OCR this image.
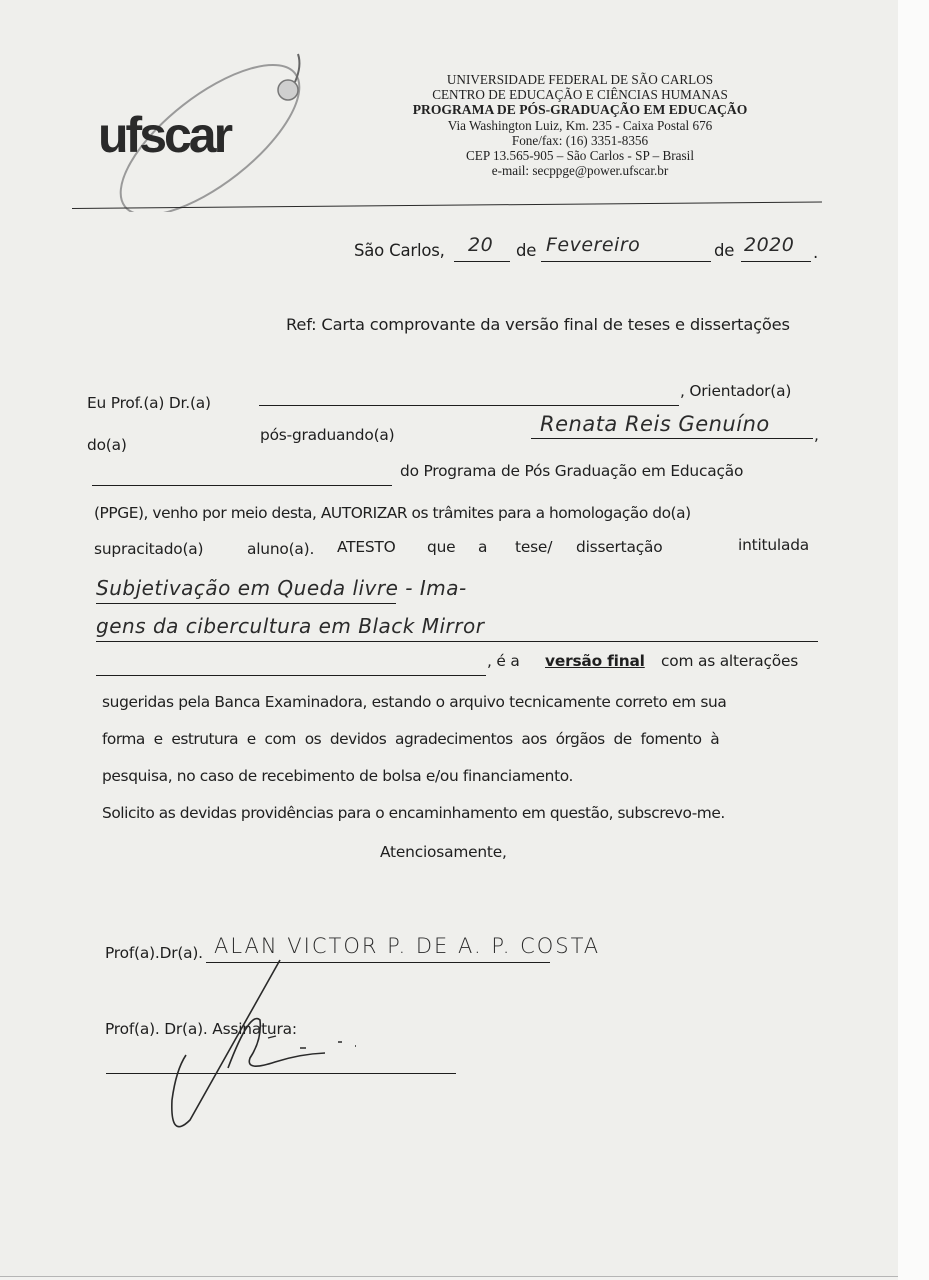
ufscar
UNIVERSIDADE FEDERAL DE SÃO CARLOS
CENTRO DE EDUCAÇÃO E CIÊNCIAS HUMANAS
PROGRAMA DE PÓS-GRADUAÇÃO EM EDUCAÇÃO
Via Washington Luiz, Km. 235 - Caixa Postal 676
Fone/fax: (16) 3351-8356
CEP 13.565-905 – São Carlos - SP – Brasil
e-mail: secppge@power.ufscar.br
São Carlos, 20 de Fevereiro	de 2020 .
Ref: Carta comprovante da versão final de teses e dissertações
Eu Prof.(a) Dr.(a)
, Orientador(a)
do(a)
pós-graduando(a)	Renata Reis Genuíno	,
do Programa de Pós Graduação em Educação
(PPGE), venho por meio desta, AUTORIZAR os trâmites para a homologação do(a)
supracitado(a)	aluno(a). ATESTO que a tese/ dissertação	intitulada
Subjetivação em Queda livre - Ima-
gens da cibercultura em Black Mirror
, é a versão final com as alterações
sugeridas pela Banca Examinadora, estando o arquivo tecnicamente correto em sua
forma  e  estrutura  e  com  os  devidos  agradecimentos  aos  órgãos  de  fomento  à
pesquisa, no caso de recebimento de bolsa e/ou financiamento.
Solicito as devidas providências para o encaminhamento em questão, subscrevo-me.
Atenciosamente,
Prof(a).Dr(a). ALAN VICTOR P. DE A. P. COSTA
Prof(a). Dr(a). Assinatura:
